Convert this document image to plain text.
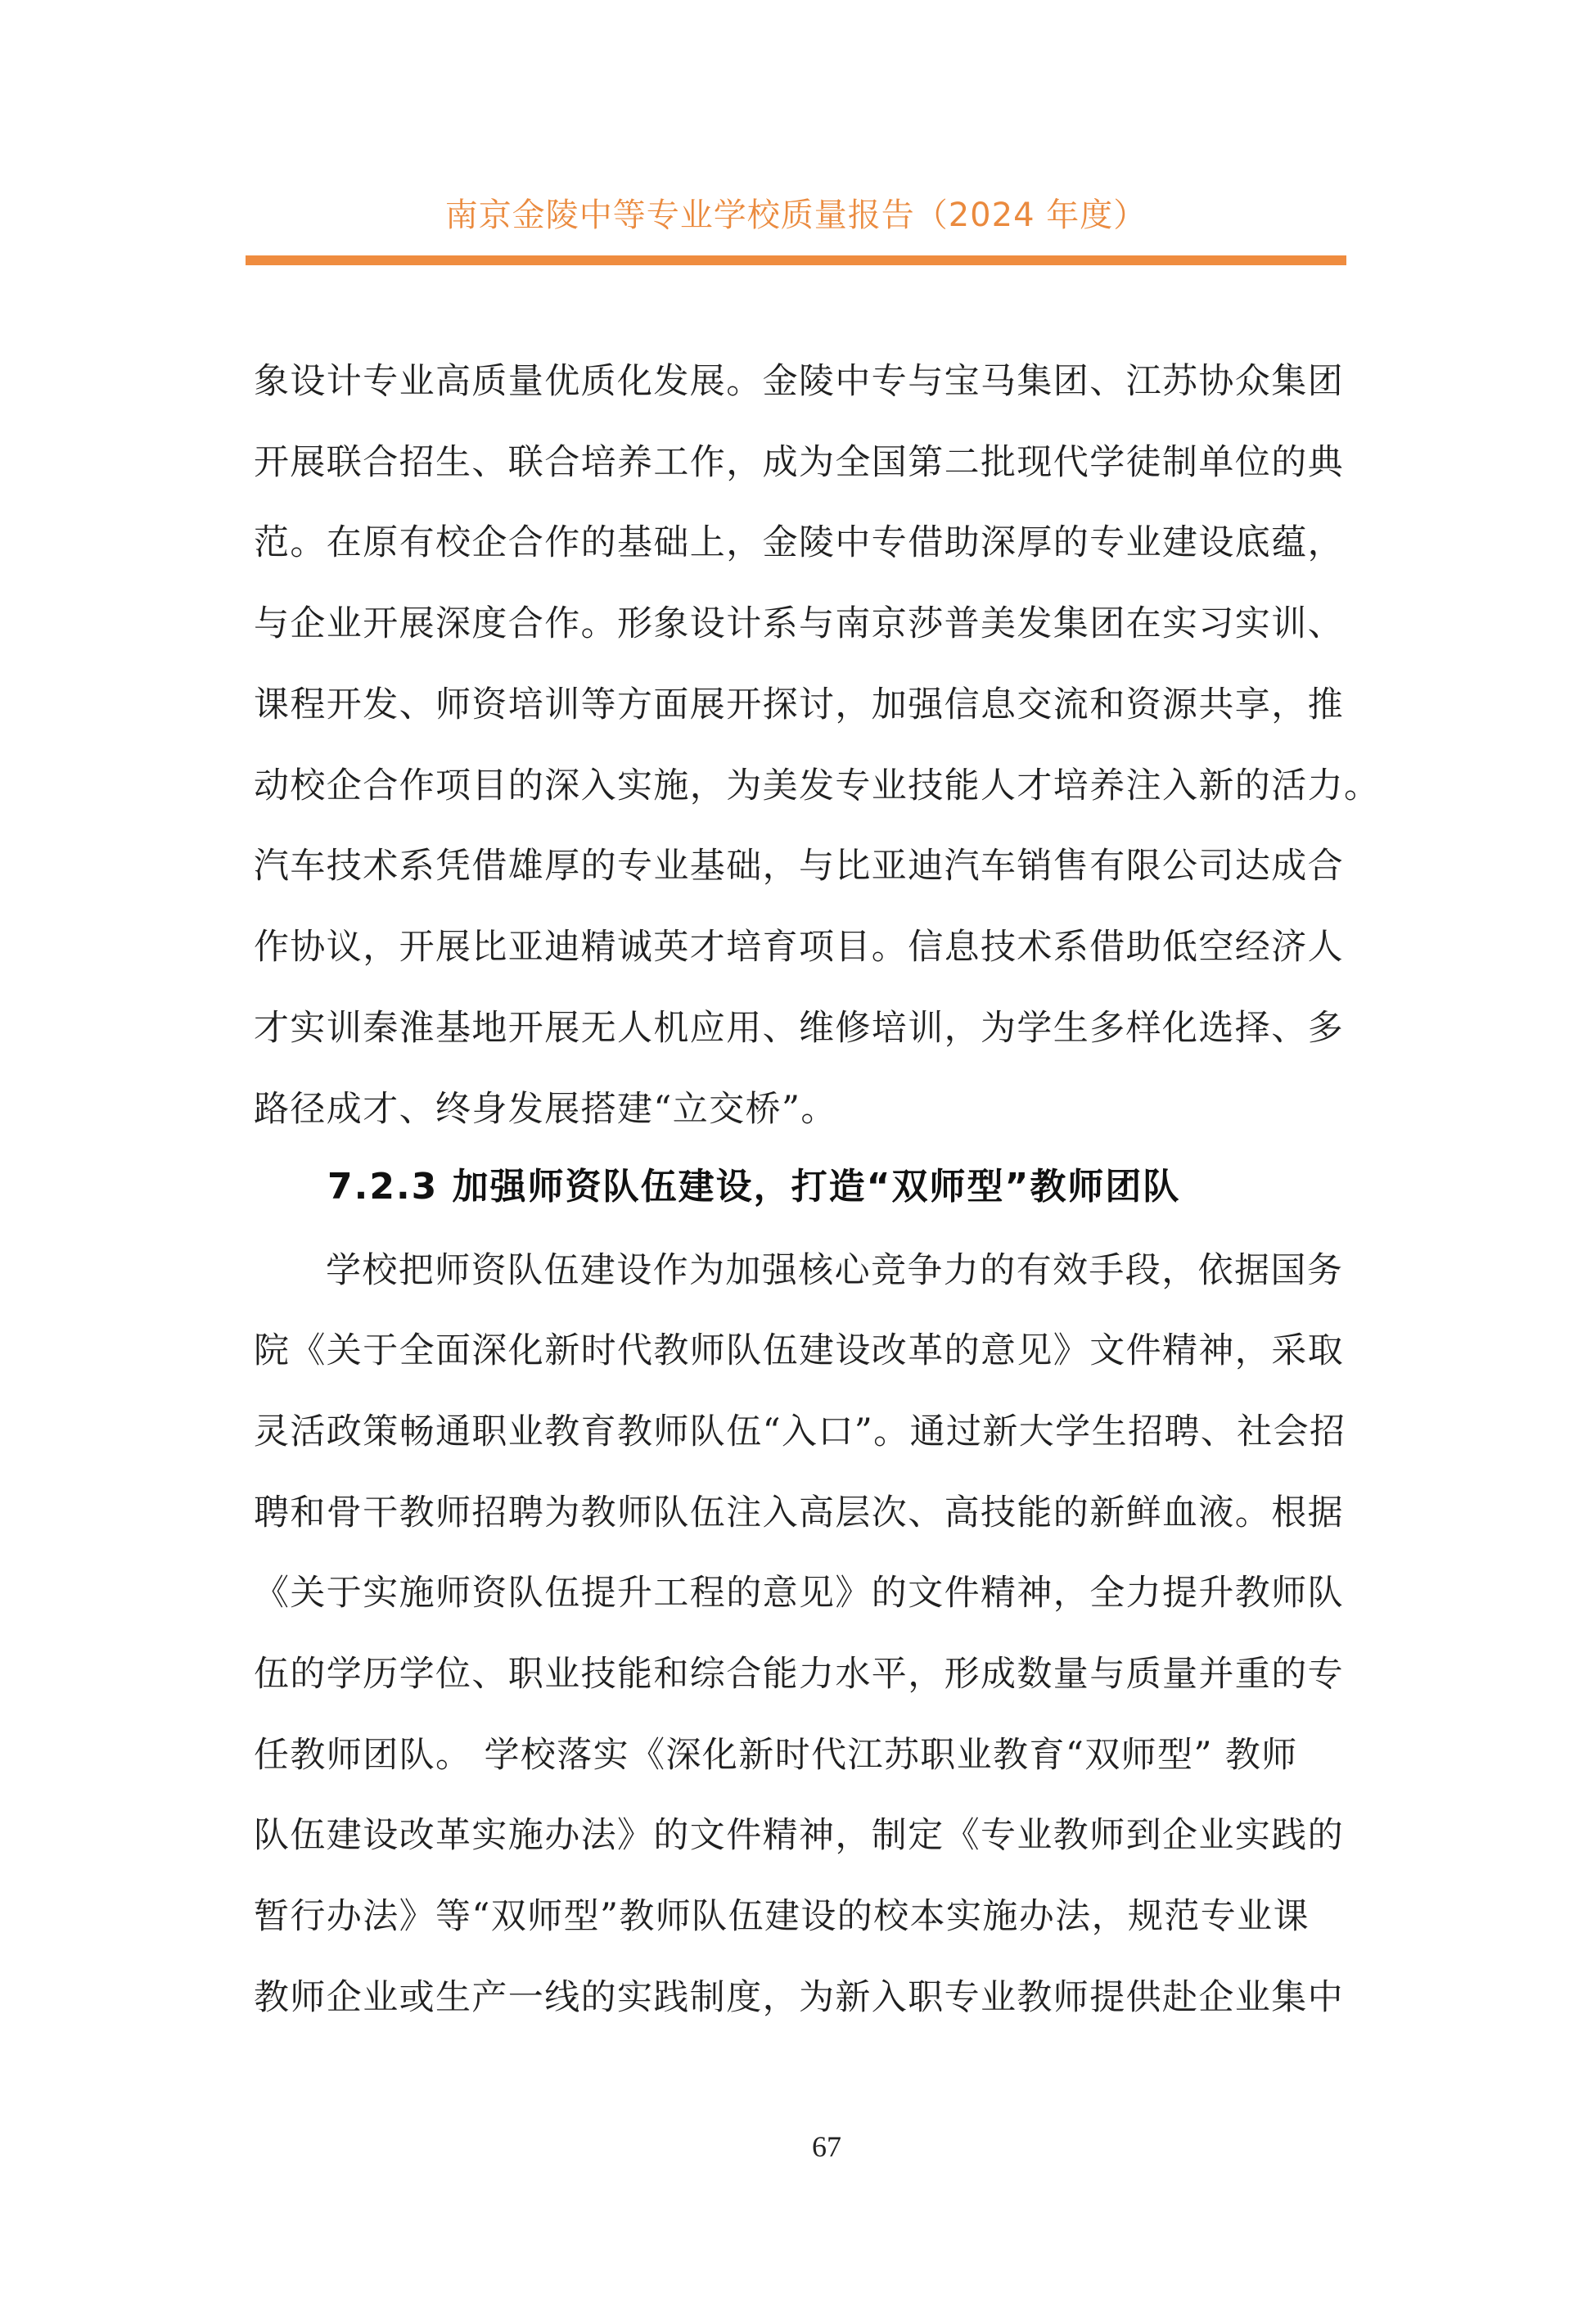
南京金陵中等专业学校质量报告（2024 年度）
象设计专业高质量优质化发展。金陵中专与宝马集团、江苏协众集团
开展联合招生、联合培养工作，成为全国第二批现代学徒制单位的典
范。在原有校企合作的基础上，金陵中专借助深厚的专业建设底蕴，
与企业开展深度合作。形象设计系与南京莎普美发集团在实习实训、
课程开发、师资培训等方面展开探讨，加强信息交流和资源共享，推
动校企合作项目的深入实施，为美发专业技能人才培养注入新的活力。
汽车技术系凭借雄厚的专业基础，与比亚迪汽车销售有限公司达成合
作协议，开展比亚迪精诚英才培育项目。信息技术系借助低空经济人
才实训秦淮基地开展无人机应用、维修培训，为学生多样化选择、多
路径成才、终身发展搭建“立交桥”。
7.2.3 加强师资队伍建设，打造“双师型”教师团队
学校把师资队伍建设作为加强核心竞争力的有效手段，依据国务
院《关于全面深化新时代教师队伍建设改革的意见》文件精神，采取
灵活政策畅通职业教育教师队伍“入口”。通过新大学生招聘、社会招
聘和骨干教师招聘为教师队伍注入高层次、高技能的新鲜血液。根据
《关于实施师资队伍提升工程的意见》的文件精神，全力提升教师队
伍的学历学位、职业技能和综合能力水平，形成数量与质量并重的专
任教师团队。 学校落实《深化新时代江苏职业教育“双师型” 教师
队伍建设改革实施办法》的文件精神，制定《专业教师到企业实践的
暂行办法》等“双师型”教师队伍建设的校本实施办法，规范专业课
教师企业或生产一线的实践制度，为新入职专业教师提供赴企业集中
67
